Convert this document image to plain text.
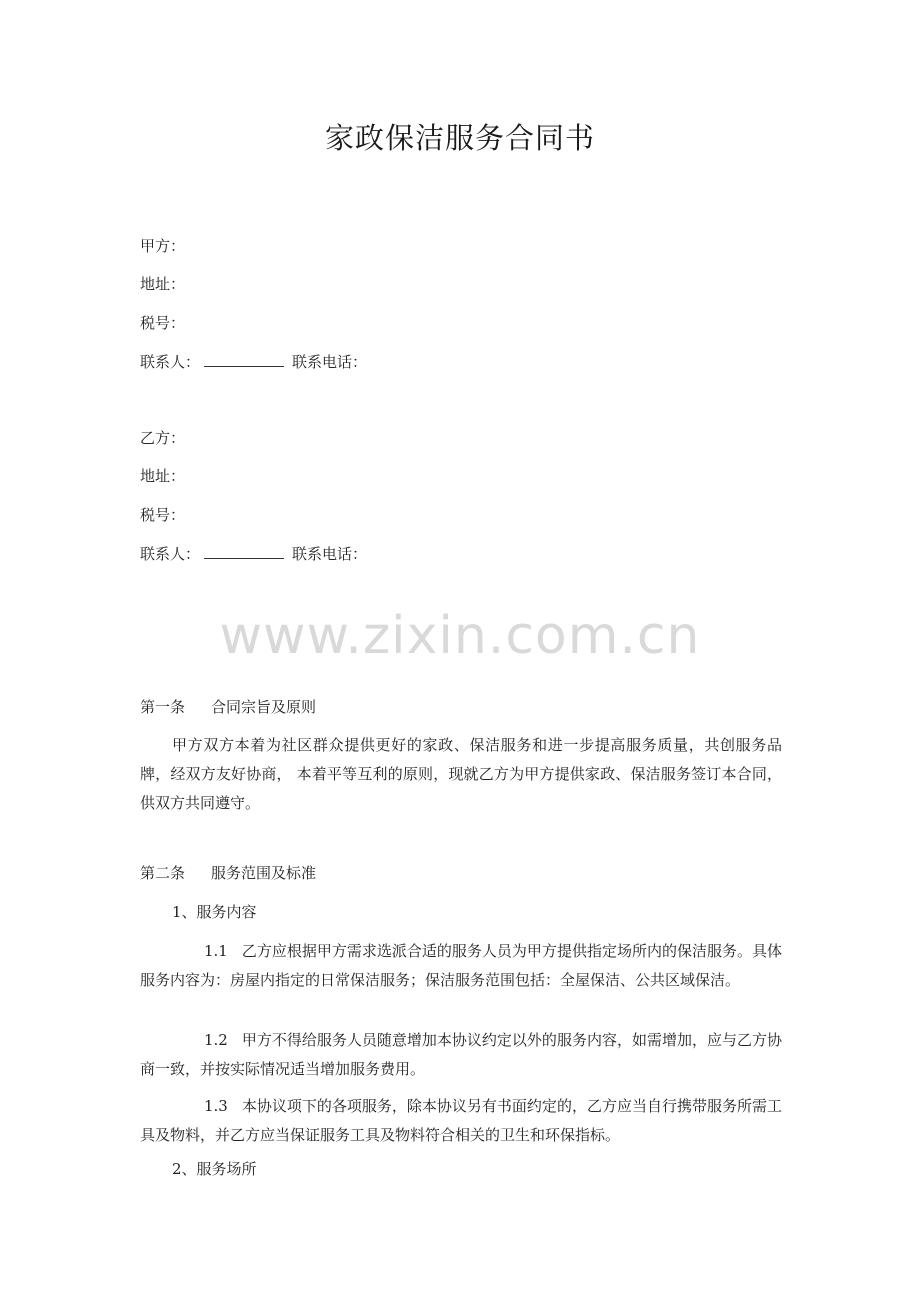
家政保洁服务合同书
甲方：
地址：
税号：
联系人：	联系电话：
乙方：
地址：
税号：
联系人：	联系电话：
www.zixin.com.cn
第一条 合同宗旨及原则
甲方双方本着为社区群众提供更好的家政、保洁服务和进一步提高服务质量，共创服务品牌，经双方友好协商， 本着平等互利的原则，现就乙方为甲方提供家政、保洁服务签订本合同，供双方共同遵守。
第二条 服务范围及标准
1、服务内容
1.1 乙方应根据甲方需求选派合适的服务人员为甲方提供指定场所内的保洁服务。具体服务内容为：房屋内指定的日常保洁服务；保洁服务范围包括：全屋保洁、公共区域保洁。
1.2 甲方不得给服务人员随意增加本协议约定以外的服务内容，如需增加，应与乙方协商一致，并按实际情况适当增加服务费用。
1.3 本协议项下的各项服务，除本协议另有书面约定的，乙方应当自行携带服务所需工具及物料，并乙方应当保证服务工具及物料符合相关的卫生和环保指标。
2、服务场所
